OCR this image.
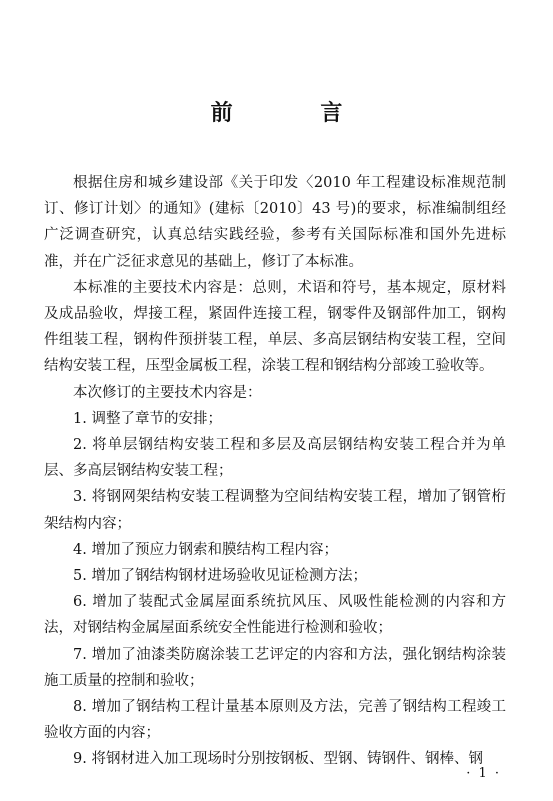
前 言

根据住房和城乡建设部《关于印发〈2010 年工程建设标准规范制订、修订计划〉的通知》(建标〔2010〕43 号)的要求，标准编制组经广泛调查研究，认真总结实践经验，参考有关国际标准和国外先进标准，并在广泛征求意见的基础上，修订了本标准。

本标准的主要技术内容是：总则，术语和符号，基本规定，原材料及成品验收，焊接工程，紧固件连接工程，钢零件及钢部件加工，钢构件组装工程，钢构件预拼装工程，单层、多高层钢结构安装工程，空间结构安装工程，压型金属板工程，涂装工程和钢结构分部竣工验收等。

本次修订的主要技术内容是：

1. 调整了章节的安排；

2. 将单层钢结构安装工程和多层及高层钢结构安装工程合并为单层、多高层钢结构安装工程；

3. 将钢网架结构安装工程调整为空间结构安装工程，增加了钢管桁架结构内容；

4. 增加了预应力钢索和膜结构工程内容；

5. 增加了钢结构钢材进场验收见证检测方法；

6. 增加了装配式金属屋面系统抗风压、风吸性能检测的内容和方法，对钢结构金属屋面系统安全性能进行检测和验收；

7. 增加了油漆类防腐涂装工艺评定的内容和方法，强化钢结构涂装施工质量的控制和验收；

8. 增加了钢结构工程计量基本原则及方法，完善了钢结构工程竣工验收方面的内容；

9. 将钢材进入加工现场时分别按钢板、型钢、铸钢件、钢棒、钢

· 1 ·
